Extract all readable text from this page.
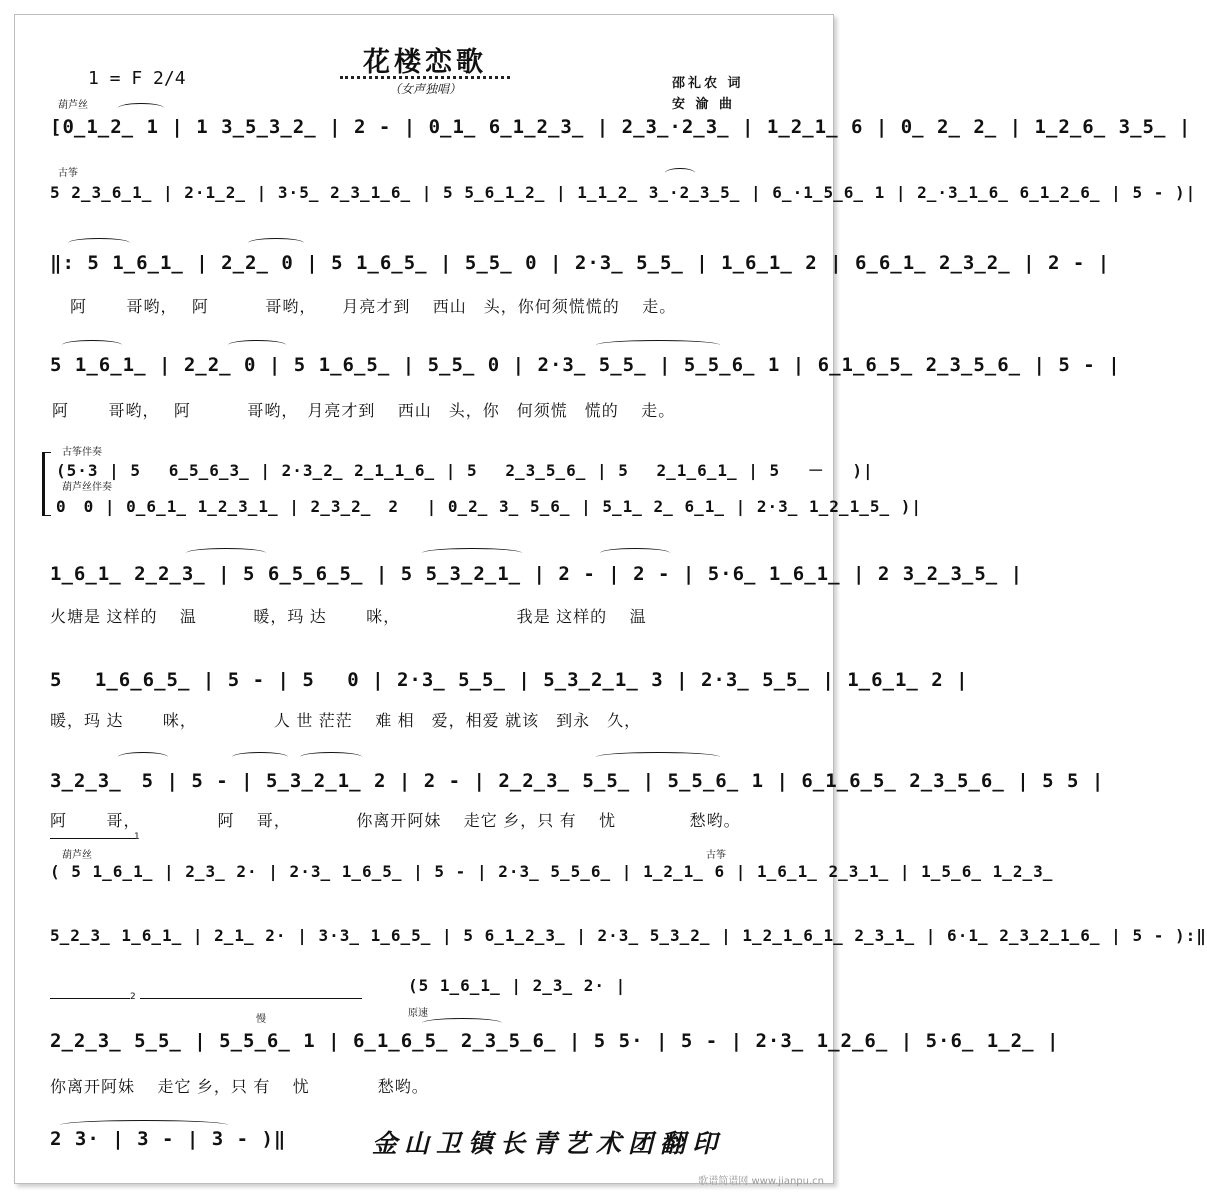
花楼恋歌
（女声独唱）
1 = F 2/4	邵礼农 词
安 渝 曲
葫芦丝
[0̲1̲2̲ 1 | 1 3̲5̲3̲2̲ | 2 - | 0̲1̲ 6̲1̲2̲3̲ | 2̲3̲·2̲3̲ | 1̲2̲1̲ 6 | 0̲ 2̲ 2̲ | 1̲2̲6̲ 3̲5̲ |
古筝
5 2̲3̲6̲1̲ | 2·1̲2̲ | 3·5̲ 2̲3̲1̲6̲ | 5 5̲6̲1̲2̲ | 1̲1̲2̲ 3̲·2̲3̲5̲ | 6̲·1̲5̲6̲ 1 | 2̲·3̲1̲6̲ 6̲1̲2̲6̲ | 5 - )|
‖: 5 1̲6̲1̲ | 2̲2̲ 0 | 5 1̲6̲5̲ | 5̲5̲ 0 | 2·3̲ 5̲5̲ | 1̲6̲1̲ 2 | 6̲6̲1̲ 2̲3̲2̲ | 2 - |
阿 　　哥哟，　 阿　　　 哥哟，　　月亮才到　 西山　头，你何须慌慌的　 走。
5 1̲6̲1̲ | 2̲2̲ 0 | 5 1̲6̲5̲ | 5̲5̲ 0 | 2·3̲ 5̲5̲ | 5̲5̲6̲ 1 | 6̲1̲6̲5̲ 2̲3̲5̲6̲ | 5 - |
阿 　　哥哟，　 阿　　　 哥哟，　月亮才到　 西山　头，你　何须慌　慌的　 走。
古筝伴奏
(5·3 | 5　 6̲5̲6̲3̲ | 2·3̲2̲ 2̲1̲1̲6̲ | 5　 2̲3̲5̲6̲ | 5　 2̲1̲6̲1̲ | 5　 －　 )|
葫芦丝伴奏
0　0 | 0̲6̲1̲ 1̲2̲3̲1̲ | 2̲3̲2̲　2　 | 0̲2̲ 3̲ 5̲6̲ | 5̲1̲ 2̲ 6̲1̲ | 2·3̲ 1̲2̲1̲5̲ )|
1̲6̲1̲ 2̲2̲3̲ | 5 6̲5̲6̲5̲ | 5 5̲3̲2̲1̲ | 2 - | 2 - | 5·6̲ 1̲6̲1̲ | 2 3̲2̲3̲5̲ |
火塘是 这样的　 温　　　 暖，玛 达　　 咪，　　　　　　　 我是 这样的　 温
5　 1̲6̲6̲5̲ | 5 - | 5　 0 | 2·3̲ 5̲5̲ | 5̲3̲2̲1̲ 3 | 2·3̲ 5̲5̲ | 1̲6̲1̲ 2 |
暖，玛 达　　 咪，　　　　　人 世 茫茫　 难 相　爱，相爱 就该　到永　久，
3̲2̲3̲　5 | 5 - | 5̲3̲2̲1̲ 2 | 2 - | 2̲2̲3̲ 5̲5̲ | 5̲5̲6̲ 1 | 6̲1̲6̲5̲ 2̲3̲5̲6̲ | 5 5 |
阿　　 哥，　　　　　阿　 哥，　　　　 你离开阿妹　 走它 乡，只 有　 忧　　　　 愁哟。
1
葫芦丝	古筝
( 5 1̲6̲1̲ | 2̲3̲ 2· | 2·3̲ 1̲6̲5̲ | 5 - | 2·3̲ 5̲5̲6̲ | 1̲2̲1̲ 6 | 1̲6̲1̲ 2̲3̲1̲ | 1̲5̲6̲ 1̲2̲3̲
5̲2̲3̲ 1̲6̲1̲ | 2̲1̲ 2· | 3·3̲ 1̲6̲5̲ | 5 6̲1̲2̲3̲ | 2·3̲ 5̲3̲2̲ | 1̲2̲1̲6̲1̲ 2̲3̲1̲ | 6·1̲ 2̲3̲2̲1̲6̲ | 5 - ):‖
2
(5 1̲6̲1̲ | 2̲3̲ 2· |
慢
原速
2̲2̲3̲ 5̲5̲ | 5̲5̲6̲ 1 | 6̲1̲6̲5̲ 2̲3̲5̲6̲ | 5 5· | 5 - | 2·3̲ 1̲2̲6̲ | 5·6̲ 1̲2̲ |
你离开阿妹　 走它 乡，只 有　 忧　　　　愁哟。
2 3· | 3 - | 3 - )‖	金山卫镇长青艺术团翻印
歌谱简谱网 www.jianpu.cn
